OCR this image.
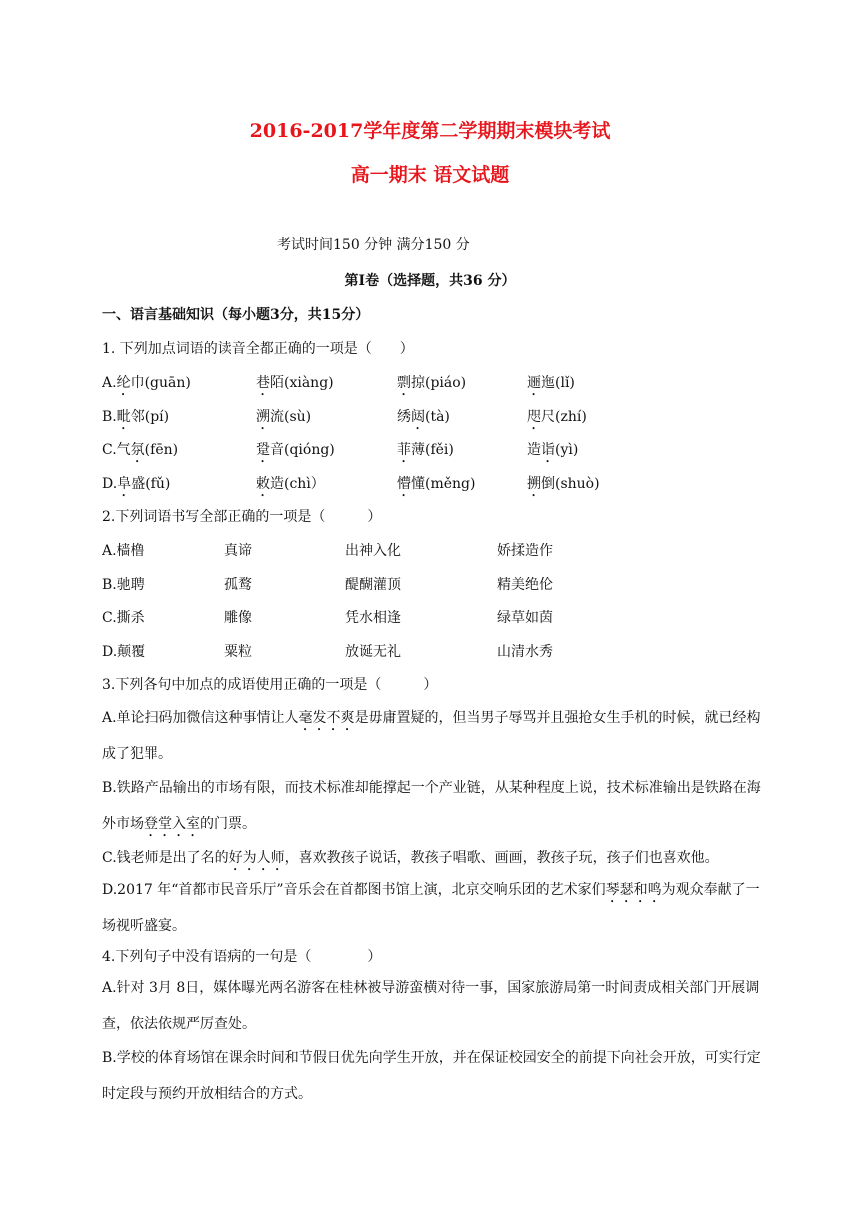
2016-2017学年度第二学期期末模块考试
高一期末 语文试题
考试时间150 分钟 满分150 分
第Ⅰ卷（选择题，共36 分）
一、语言基础知识（每小题3分，共15分）
1. 下列加点词语的读音全都正确的一项是（　　）
A.纶巾(guān)	巷陌(xiàng)	剽掠(piáo)	逦迤(lǐ)
B.毗邻(pí)	溯流(sù)	绣闼(tà)	咫尺(zhí)
C.气氛(fēn)	跫音(qióng)	菲薄(fěi)	造诣(yì)
D.阜盛(fǔ)	敕造(chì）	懵懂(měng)	搠倒(shuò)
2.下列词语书写全部正确的一项是（　　　）
A.樯橹	真谛	出神入化	娇揉造作
B.驰聘	孤鹜	醍醐灌顶	精美绝伦
C.撕杀	雕像	凭水相逢	绿草如茵
D.颠覆	粟粒	放诞无礼	山清水秀
3.下列各句中加点的成语使用正确的一项是（　　　）
A.单论扫码加微信这种事情让人毫发不爽是毋庸置疑的，但当男子辱骂并且强抢女生手机的时候，就已经构成了犯罪。
B.铁路产品输出的市场有限，而技术标准却能撑起一个产业链，从某种程度上说，技术标准输出是铁路在海外市场登堂入室的门票。
C.钱老师是出了名的好为人师，喜欢教孩子说话，教孩子唱歌、画画，教孩子玩，孩子们也喜欢他。
D.2017 年“首都市民音乐厅”音乐会在首都图书馆上演，北京交响乐团的艺术家们琴瑟和鸣为观众奉献了一场视听盛宴。
4.下列句子中没有语病的一句是（　　　　）
A.针对 3月 8日，媒体曝光两名游客在桂林被导游蛮横对待一事，国家旅游局第一时间责成相关部门开展调查，依法依规严厉查处。
B.学校的体育场馆在课余时间和节假日优先向学生开放，并在保证校园安全的前提下向社会开放，可实行定时定段与预约开放相结合的方式。
